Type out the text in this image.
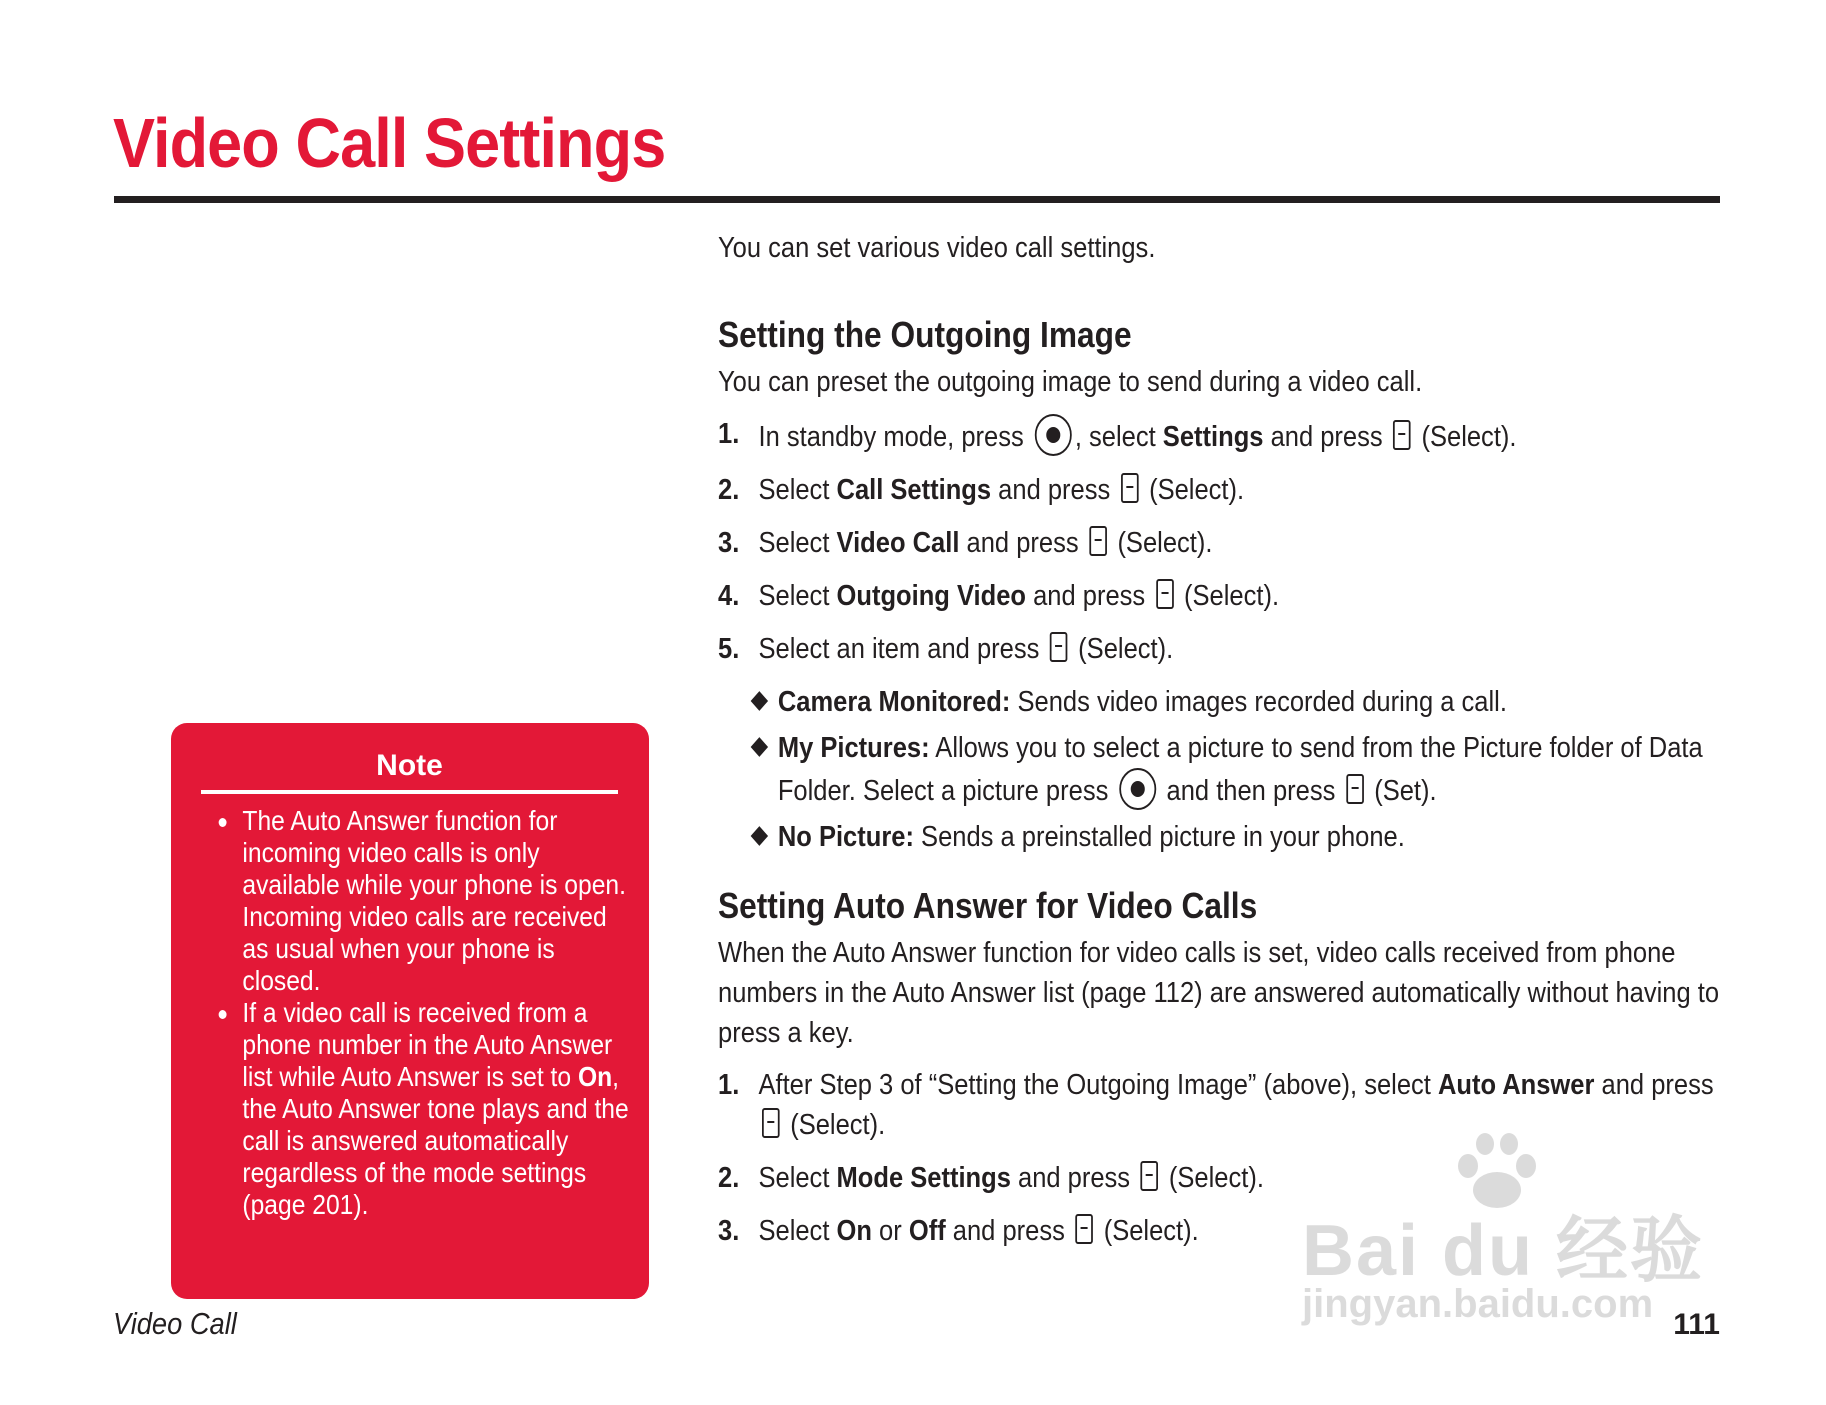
Video Call Settings

You can set various video call settings.

Setting the Outgoing Image

You can preset the outgoing image to send during a video call.

1. In standby mode, press , select Settings and press (Select).
2. Select Call Settings and press (Select).
3. Select Video Call and press (Select).
4. Select Outgoing Video and press (Select).
5. Select an item and press (Select).
Camera Monitored: Sends video images recorded during a call.
My Pictures: Allows you to select a picture to send from the Picture folder of Data Folder. Select a picture press and then press (Set).
No Picture: Sends a preinstalled picture in your phone.
Setting Auto Answer for Video Calls

When the Auto Answer function for video calls is set, video calls received from phone numbers in the Auto Answer list (page 112) are answered automatically without having to press a key.

1. After Step 3 of “Setting the Outgoing Image” (above), select Auto Answer and press  (Select).
2. Select Mode Settings and press (Select).
3. Select On or Off and press (Select).
Note
The Auto Answer function for incoming video calls is only available while your phone is open. Incoming video calls are received as usual when your phone is closed.
If a video call is received from a phone number in the Auto Answer list while Auto Answer is set to On, the Auto Answer tone plays and the call is answered automatically regardless of the mode settings (page 201).
Video Call	111
Bai du 经验
jingyan.baidu.com
